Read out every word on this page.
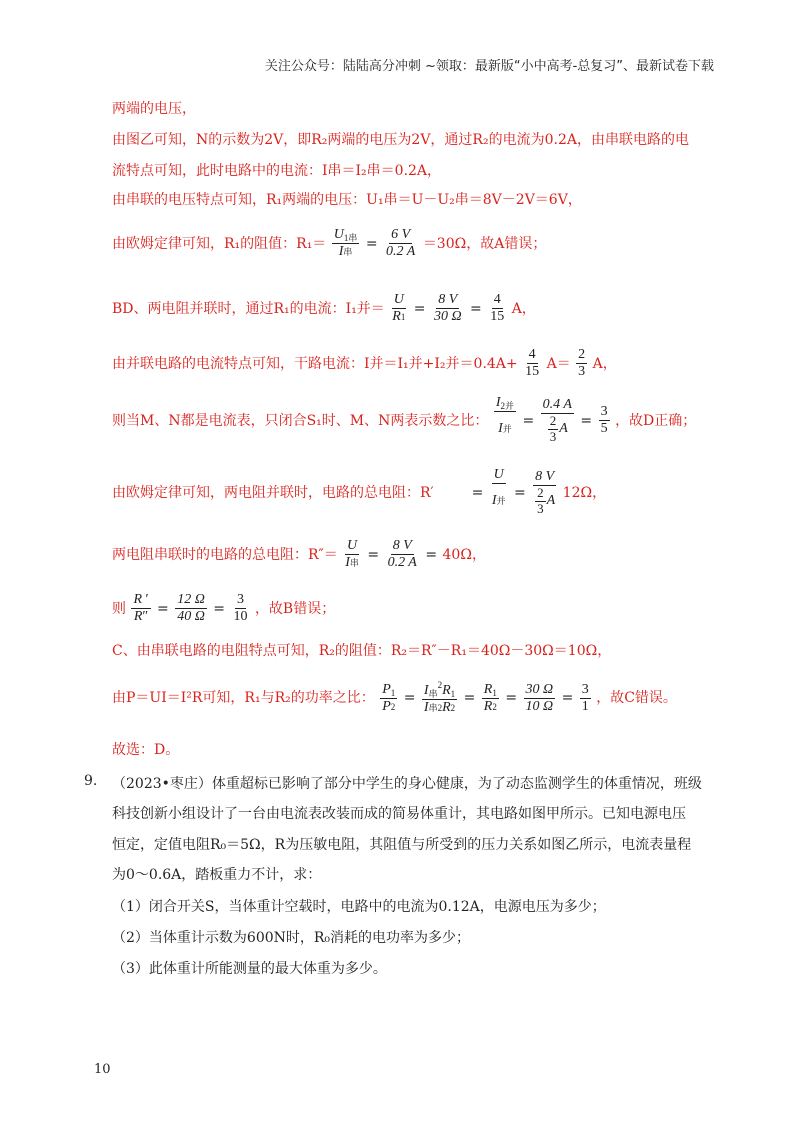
关注公众号：陆陆高分冲刺 ~领取：最新版“小中高考-总复习”、最新试卷下载
两端的电压，
由图乙可知，N的示数为2V，即R₂两端的电压为2V，通过R₂的电流为0.2A，由串联电路的电
流特点可知，此时电路中的电流：I串＝I₂串＝0.2A，
由串联的电压特点可知，R₁两端的电压：U₁串＝U－U₂串＝8V－2V＝6V，
由欧姆定律可知，R₁的阻值：R₁＝
$U_{1串}$
I 串
= $\frac{6 V}{0.2 A} =30\Omega$，故A错误；
BD、两电阻并联时，通过R₁的电流：I₁并＝ $\frac{U}{R 1} = \frac{8 V}{30 \Omega} = \frac{4}{15}$ A，
由并联电路的电流特点可知，干路电流：I并＝I₁并+I₂并$=0.4A+ \frac{4}{15} A= \frac{2}{3}$ A，
则当M、N都是电流表，只闭合S₁时、M、N两表示数之比：
$I_{2并}$
I 并
= 0.4 A
2
3
$A = \frac{3}{5}$ ，故D正确；
由欧姆定律可知，两电阻并联时，电路的总电阻：R′	=
U
I 并
= 8 V
2
3
A 12Ω，
两电阻串联时的电路的总电阻：R″＝
U
I 串
= $\frac{8 V}{0.2 A} = 40\Omega$，
则 $\frac{R '}{R ''} = \frac{12 \Omega}{40 \Omega} = \frac{3}{10}$ ，故B错误；
C、由串联电路的电阻特点可知，R₂的阻值：R₂＝R″－R₁＝40Ω－30Ω＝10Ω，
由P＝UI＝I²R可知，R₁与R₂的功率之比： $\frac{P_1}{P 2} = I_串^2R_1$
I 串 2 R 2
= $\frac{R_1}{R 2} = \frac{30 \Omega}{10 \Omega} = \frac{3}{1}$ ，故C错误。
故选：D。
9. （2023•枣庄）体重超标已影响了部分中学生的身心健康，为了动态监测学生的体重情况，班级
科技创新小组设计了一台由电流表改装而成的简易体重计，其电路如图甲所示。已知电源电压
恒定，定值电阻R₀＝5Ω，R为压敏电阻，其阻值与所受到的压力关系如图乙所示，电流表量程
为0～0.6A，踏板重力不计，求：
（1）闭合开关S，当体重计空载时，电路中的电流为0.12A，电源电压为多少；
（2）当体重计示数为600N时，R₀消耗的电功率为多少；
（3）此体重计所能测量的最大体重为多少。
10
